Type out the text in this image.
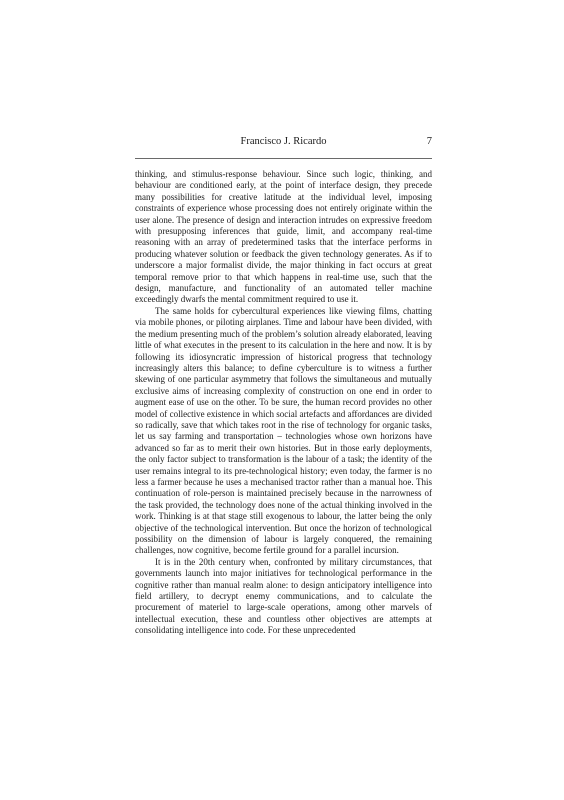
Francisco J. Ricardo	7

thinking, and stimulus-response behaviour. Since such logic, thinking, and behaviour are conditioned early, at the point of interface design, they precede many possibilities for creative latitude at the individual level, imposing constraints of experience whose processing does not entirely originate within the user alone. The presence of design and interaction intrudes on expressive freedom with presupposing inferences that guide, limit, and accompany real-time reasoning with an array of predetermined tasks that the interface performs in producing whatever solution or feedback the given technology generates. As if to underscore a major formalist divide, the major thinking in fact occurs at great temporal remove prior to that which happens in real-time use, such that the design, manufacture, and functionality of an automated teller machine exceedingly dwarfs the mental commitment required to use it.

The same holds for cybercultural experiences like viewing films, chatting via mobile phones, or piloting airplanes. Time and labour have been divided, with the medium presenting much of the problem’s solution already elaborated, leaving little of what executes in the present to its calculation in the here and now. It is by following its idiosyncratic impression of historical progress that technology increasingly alters this balance; to define cyberculture is to witness a further skewing of one particular asymmetry that follows the simultaneous and mutually exclusive aims of increasing complexity of construction on one end in order to augment ease of use on the other. To be sure, the human record provides no other model of collective existence in which social artefacts and affordances are divided so radically, save that which takes root in the rise of technology for organic tasks, let us say farming and transportation – technologies whose own horizons have advanced so far as to merit their own histories. But in those early deployments, the only factor subject to transformation is the labour of a task; the identity of the user remains integral to its pre-technological history; even today, the farmer is no less a farmer because he uses a mechanised tractor rather than a manual hoe. This continuation of role-person is maintained precisely because in the narrowness of the task provided, the technology does none of the actual thinking involved in the work. Thinking is at that stage still exogenous to labour, the latter being the only objective of the technological intervention. But once the horizon of technological possibility on the dimension of labour is largely conquered, the remaining challenges, now cognitive, become fertile ground for a parallel incursion.

It is in the 20th century when, confronted by military circumstances, that governments launch into major initiatives for technological performance in the cognitive rather than manual realm alone: to design anticipatory intelligence into field artillery, to decrypt enemy communications, and to calculate the procurement of materiel to large-scale operations, among other marvels of intellectual execution, these and countless other objectives are attempts at consolidating intelligence into code. For these unprecedented
